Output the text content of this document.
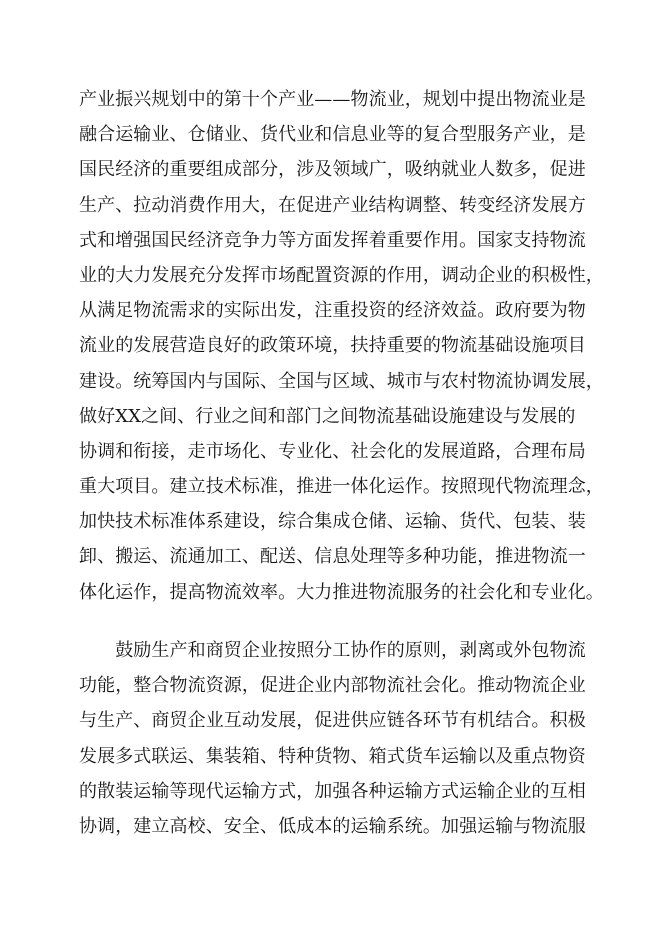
产业振兴规划中的第十个产业——物流业，规划中提出物流业是
融合运输业、仓储业、货代业和信息业等的复合型服务产业，是
国民经济的重要组成部分，涉及领域广，吸纳就业人数多，促进
生产、拉动消费作用大，在促进产业结构调整、转变经济发展方
式和增强国民经济竞争力等方面发挥着重要作用。国家支持物流
业的大力发展充分发挥市场配置资源的作用，调动企业的积极性，
从满足物流需求的实际出发，注重投资的经济效益。政府要为物
流业的发展营造良好的政策环境，扶持重要的物流基础设施项目
建设。统筹国内与国际、全国与区域、城市与农村物流协调发展，
做好XX之间、行业之间和部门之间物流基础设施建设与发展的
协调和衔接，走市场化、专业化、社会化的发展道路，合理布局
重大项目。建立技术标准，推进一体化运作。按照现代物流理念，
加快技术标准体系建设，综合集成仓储、运输、货代、包装、装
卸、搬运、流通加工、配送、信息处理等多种功能，推进物流一
体化运作，提高物流效率。大力推进物流服务的社会化和专业化。
　　鼓励生产和商贸企业按照分工协作的原则，剥离或外包物流
功能，整合物流资源，促进企业内部物流社会化。推动物流企业
与生产、商贸企业互动发展，促进供应链各环节有机结合。积极
发展多式联运、集装箱、特种货物、箱式货车运输以及重点物资
的散装运输等现代运输方式，加强各种运输方式运输企业的互相
协调，建立高校、安全、低成本的运输系统。加强运输与物流服
